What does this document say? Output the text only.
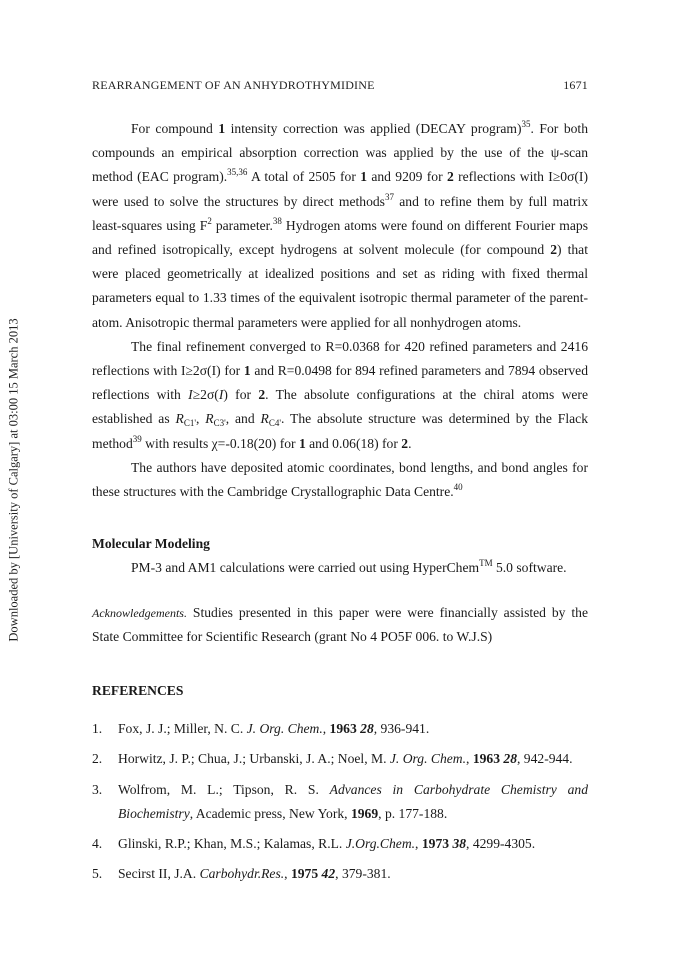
Downloaded by [University of Calgary] at 03:00 15 March 2013
REARRANGEMENT OF AN ANHYDROTHYMIDINE	1671

For compound 1 intensity correction was applied (DECAY program)$^{35}$. For both compounds an empirical absorption correction was applied by the use of the ψ-scan method (EAC program).$^{35,36}$ A total of 2505 for 1 and 9209 for 2 reflections with I≥0σ(I) were used to solve the structures by direct methods$^{37}$ and to refine them by full matrix least-squares using $F^2$ parameter.$^{38}$ Hydrogen atoms were found on different Fourier maps and refined isotropically, except hydrogens at solvent molecule (for compound 2) that were placed geometrically at idealized positions and set as riding with fixed thermal parameters equal to 1.33 times of the equivalent isotropic thermal parameter of the parent-atom. Anisotropic thermal parameters were applied for all nonhydrogen atoms.

The final refinement converged to R=0.0368 for 420 refined parameters and 2416 reflections with I≥2σ(I) for 1 and R=0.0498 for 894 refined parameters and 7894 observed reflections with I≥2σ(I) for 2. The absolute configurations at the chiral atoms were established as $R_{C1'}$, $R_{C3'}$, and $R_{C4'}$. The absolute structure was determined by the Flack method$^{39}$ with results χ=-0.18(20) for 1 and 0.06(18) for 2.

The authors have deposited atomic coordinates, bond lengths, and bond angles for these structures with the Cambridge Crystallographic Data Centre.$^{40}$

Molecular Modeling

PM-3 and AM1 calculations were carried out using HyperChem™ 5.0 software.

Acknowledgements. Studies presented in this paper were were financially assisted by the State Committee for Scientific Research (grant No 4 PO5F 006. to W.J.S)

REFERENCES

1. Fox, J. J.; Miller, N. C. J. Org. Chem., 1963 28, 936-941.
2. Horwitz, J. P.; Chua, J.; Urbanski, J. A.; Noel, M. J. Org. Chem., 1963 28, 942-944.
3. Wolfrom, M. L.; Tipson, R. S. Advances in Carbohydrate Chemistry and Biochemistry, Academic press, New York, 1969, p. 177-188.
4. Glinski, R.P.; Khan, M.S.; Kalamas, R.L. J.Org.Chem., 1973 38, 4299-4305.
5. Secirst II, J.A. Carbohydr.Res., 1975 42, 379-381.
